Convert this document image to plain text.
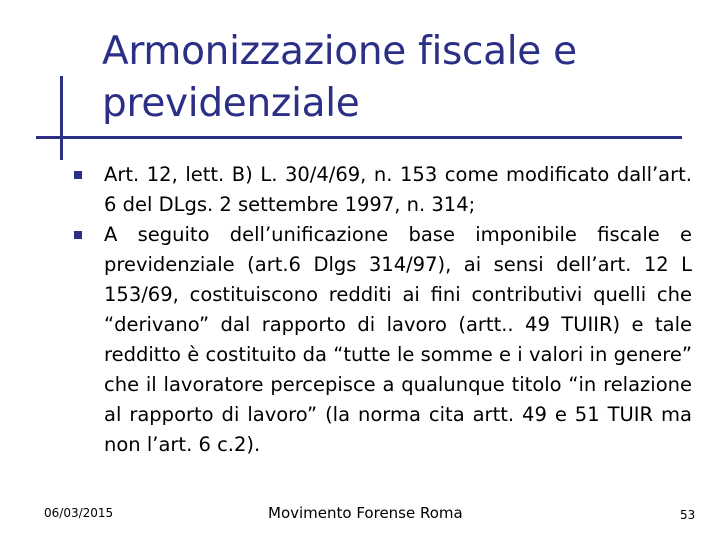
Armonizzazione fiscale e previdenziale
Art. 12, lett. B) L. 30/4/69, n. 153 come modificato dall’art. 6 del DLgs. 2 settembre 1997, n. 314;
A seguito dell’unificazione base imponibile fiscale e previdenziale (art.6 Dlgs 314/97), ai sensi dell’art. 12 L 153/69, costituiscono redditi ai fini contributivi quelli che “derivano” dal rapporto di lavoro (artt.. 49 TUIIR) e tale redditto è costituito da “tutte le somme e i valori in genere” che il lavoratore percepisce a qualunque titolo “in relazione al rapporto di lavoro” (la norma cita artt. 49 e 51 TUIR ma non l’art. 6 c.2).
06/03/2015	Movimento Forense Roma	53
